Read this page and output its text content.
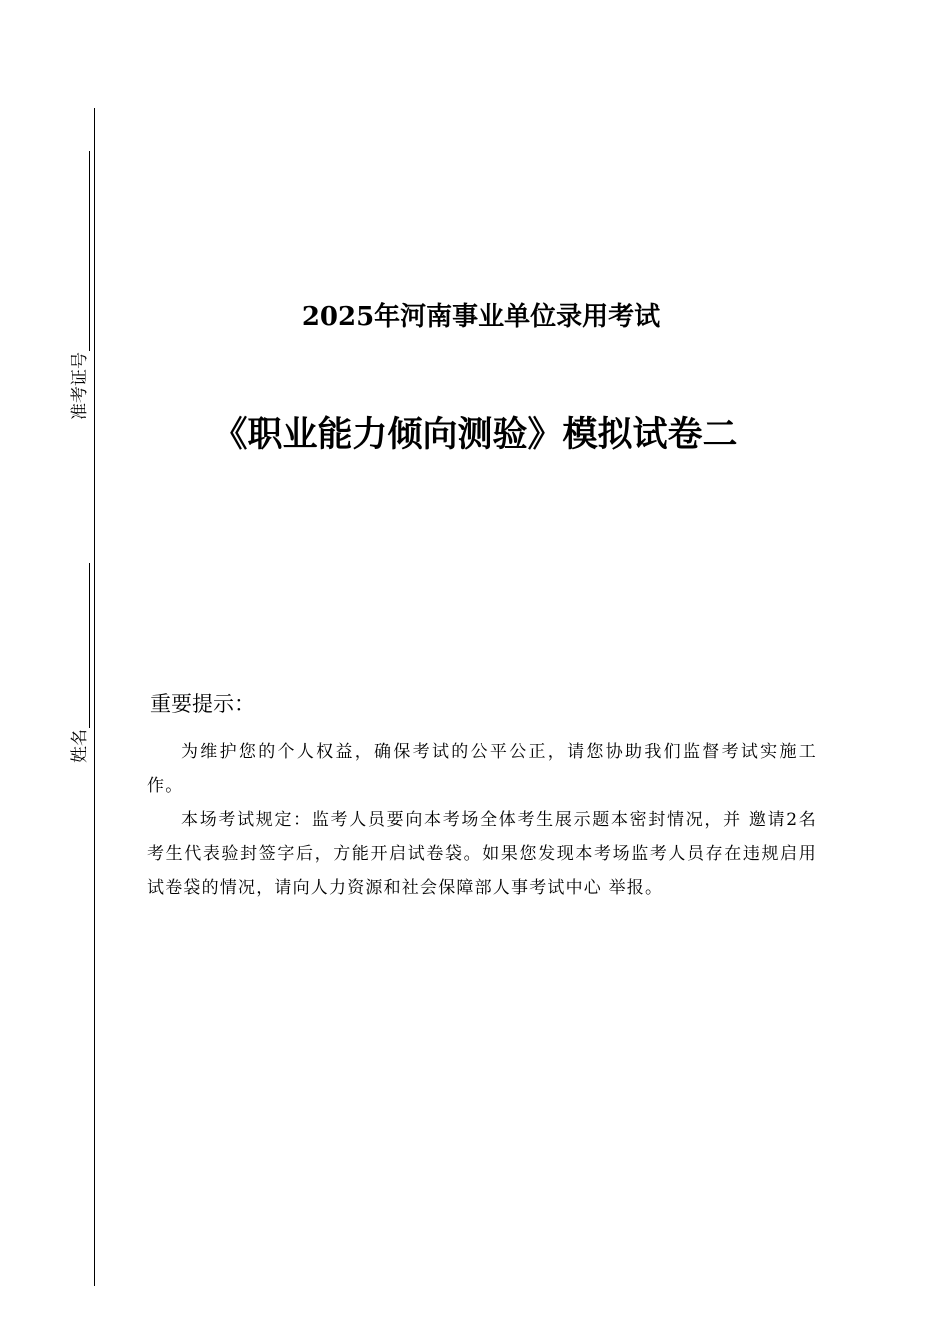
准考证号
姓名
2025年河南事业单位录用考试
《职业能力倾向测验》模拟试卷二
重要提示：

为维护您的个人权益，确保考试的公平公正，请您协助我们监督考试实施工作。

本场考试规定：监考人员要向本考场全体考生展示题本密封情况，并 邀请2名考生代表验封签字后，方能开启试卷袋。如果您发现本考场监考人员存在违规启用试卷袋的情况，请向人力资源和社会保障部人事考试中心 举报。
